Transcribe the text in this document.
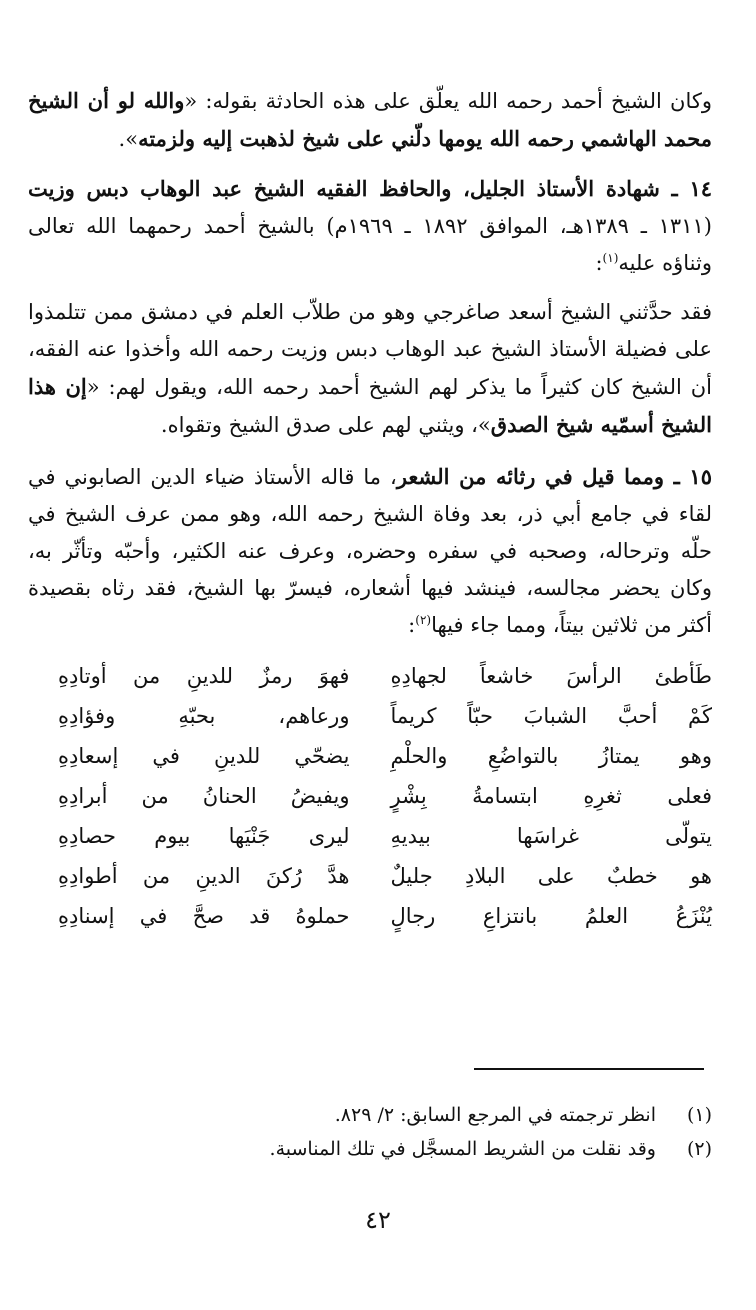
وكان الشيخ أحمد رحمه الله يعلّق على هذه الحادثة بقوله: «والله لو أن الشيخ محمد الهاشمي رحمه الله يومها دلّني على شيخ لذهبت إليه ولزمته».

١٤ ـ شهادة الأستاذ الجليل، والحافظ الفقيه الشيخ عبد الوهاب دبس وزيت (١٣١١ ـ ١٣٨٩هـ، الموافق ١٨٩٢ ـ ١٩٦٩م) بالشيخ أحمد رحمهما الله تعالى وثناؤه عليه$^{(١)}$:

فقد حدَّثني الشيخ أسعد صاغرجي وهو من طلاّب العلم في دمشق ممن تتلمذوا على فضيلة الأستاذ الشيخ عبد الوهاب دبس وزيت رحمه الله وأخذوا عنه الفقه، أن الشيخ كان كثيراً ما يذكر لهم الشيخ أحمد رحمه الله، ويقول لهم: «إن هذا الشيخ أسمّيه شيخ الصدق»، ويثني لهم على صدق الشيخ وتقواه.

١٥ ـ ومما قيل في رثائه من الشعر، ما قاله الأستاذ ضياء الدين الصابوني في لقاء في جامع أبي ذر، بعد وفاة الشيخ رحمه الله، وهو ممن عرف الشيخ في حلّه وترحاله، وصحبه في سفره وحضره، وعرف عنه الكثير، وأحبّه وتأثّر به، وكان يحضر مجالسه، فينشد فيها أشعاره، فيسرّ بها الشيخ، فقد رثاه بقصيدة أكثر من ثلاثين بيتاً، ومما جاء فيها$^{(٢)}$:

طَأطئ الرأسَ خاشعاً لجهادِهِ
فهوَ رمزٌ للدينِ من أوتادِهِ
كَمْ أحبَّ الشبابَ حبّاً كريماً
ورعاهم، بحبّهِ وفؤادِهِ
وهو يمتازُ بالتواضُعِ والحلْمِ
يضحّي للدينِ في إسعادِهِ
فعلى ثغرِهِ ابتسامةُ بِشْرٍ
ويفيضُ الحنانُ من أبرادِهِ
يتولّى غراسَها بيديهِ
ليرى جَنْيَها بيوم حصادِهِ
هو خطبٌ على البلادِ جليلٌ
هدَّ رُكنَ الدينِ من أطوادِهِ
يُنْزَعُ العلمُ بانتزاعِ رجالٍ
حملوهُ قد صحَّ في إسنادِهِ
(١)
انظر ترجمته في المرجع السابق: ٢/ ٨٢٩.
(٢)
وقد نقلت من الشريط المسجَّل في تلك المناسبة.
٤٢
